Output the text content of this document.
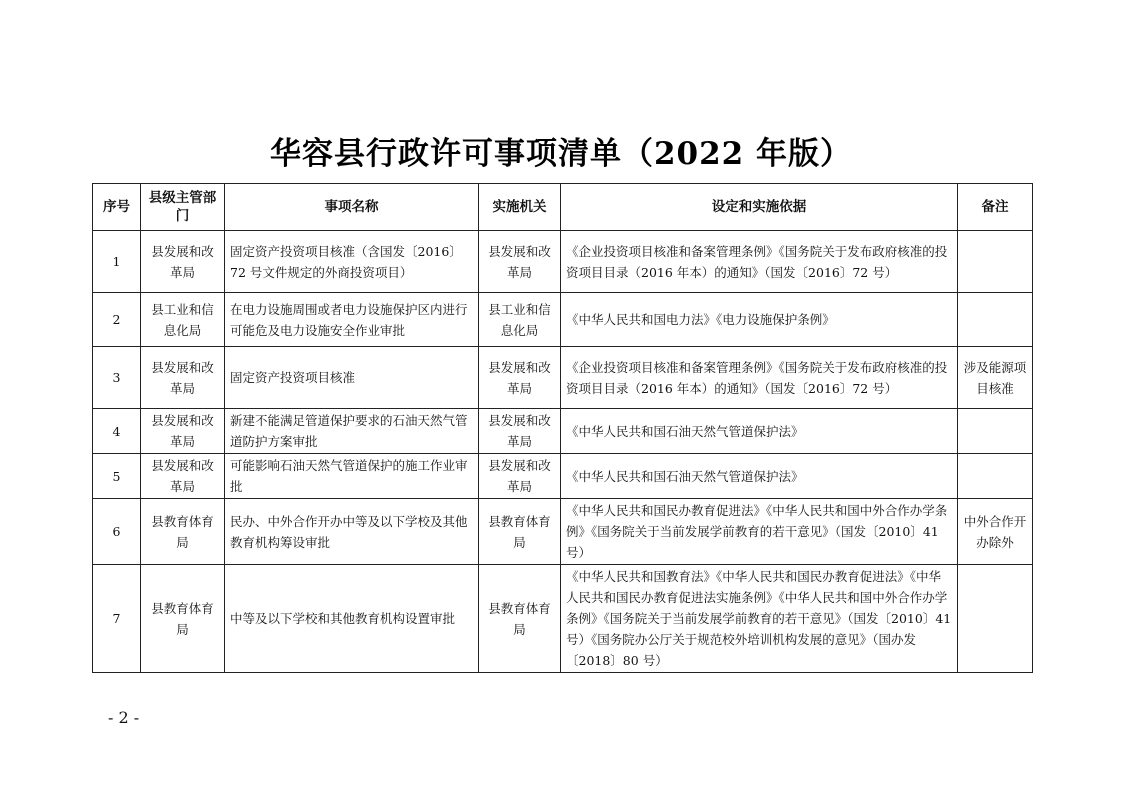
华容县行政许可事项清单（2022 年版）
序号	县级主管部门	事项名称	实施机关	设定和实施依据	备注
1	县发展和改革局	固定资产投资项目核准（含国发〔2016〕72 号文件规定的外商投资项目）	县发展和改革局	《企业投资项目核准和备案管理条例》《国务院关于发布政府核准的投资项目目录（2016 年本）的通知》（国发〔2016〕72 号）	
2	县工业和信息化局	在电力设施周围或者电力设施保护区内进行可能危及电力设施安全作业审批	县工业和信息化局	《中华人民共和国电力法》《电力设施保护条例》	
3	县发展和改革局	固定资产投资项目核准	县发展和改革局	《企业投资项目核准和备案管理条例》《国务院关于发布政府核准的投资项目目录（2016 年本）的通知》（国发〔2016〕72 号）	涉及能源项目核准
4	县发展和改革局	新建不能满足管道保护要求的石油天然气管道防护方案审批	县发展和改革局	《中华人民共和国石油天然气管道保护法》	
5	县发展和改革局	可能影响石油天然气管道保护的施工作业审批	县发展和改革局	《中华人民共和国石油天然气管道保护法》	
6	县教育体育局	民办、中外合作开办中等及以下学校及其他教育机构筹设审批	县教育体育局	《中华人民共和国民办教育促进法》《中华人民共和国中外合作办学条例》《国务院关于当前发展学前教育的若干意见》（国发〔2010〕41 号）	中外合作开办除外
7	县教育体育局	中等及以下学校和其他教育机构设置审批	县教育体育局	《中华人民共和国教育法》《中华人民共和国民办教育促进法》《中华人民共和国民办教育促进法实施条例》《中华人民共和国中外合作办学条例》《国务院关于当前发展学前教育的若干意见》（国发〔2010〕41 号）《国务院办公厅关于规范校外培训机构发展的意见》（国办发〔2018〕80 号）	
- 2 -
